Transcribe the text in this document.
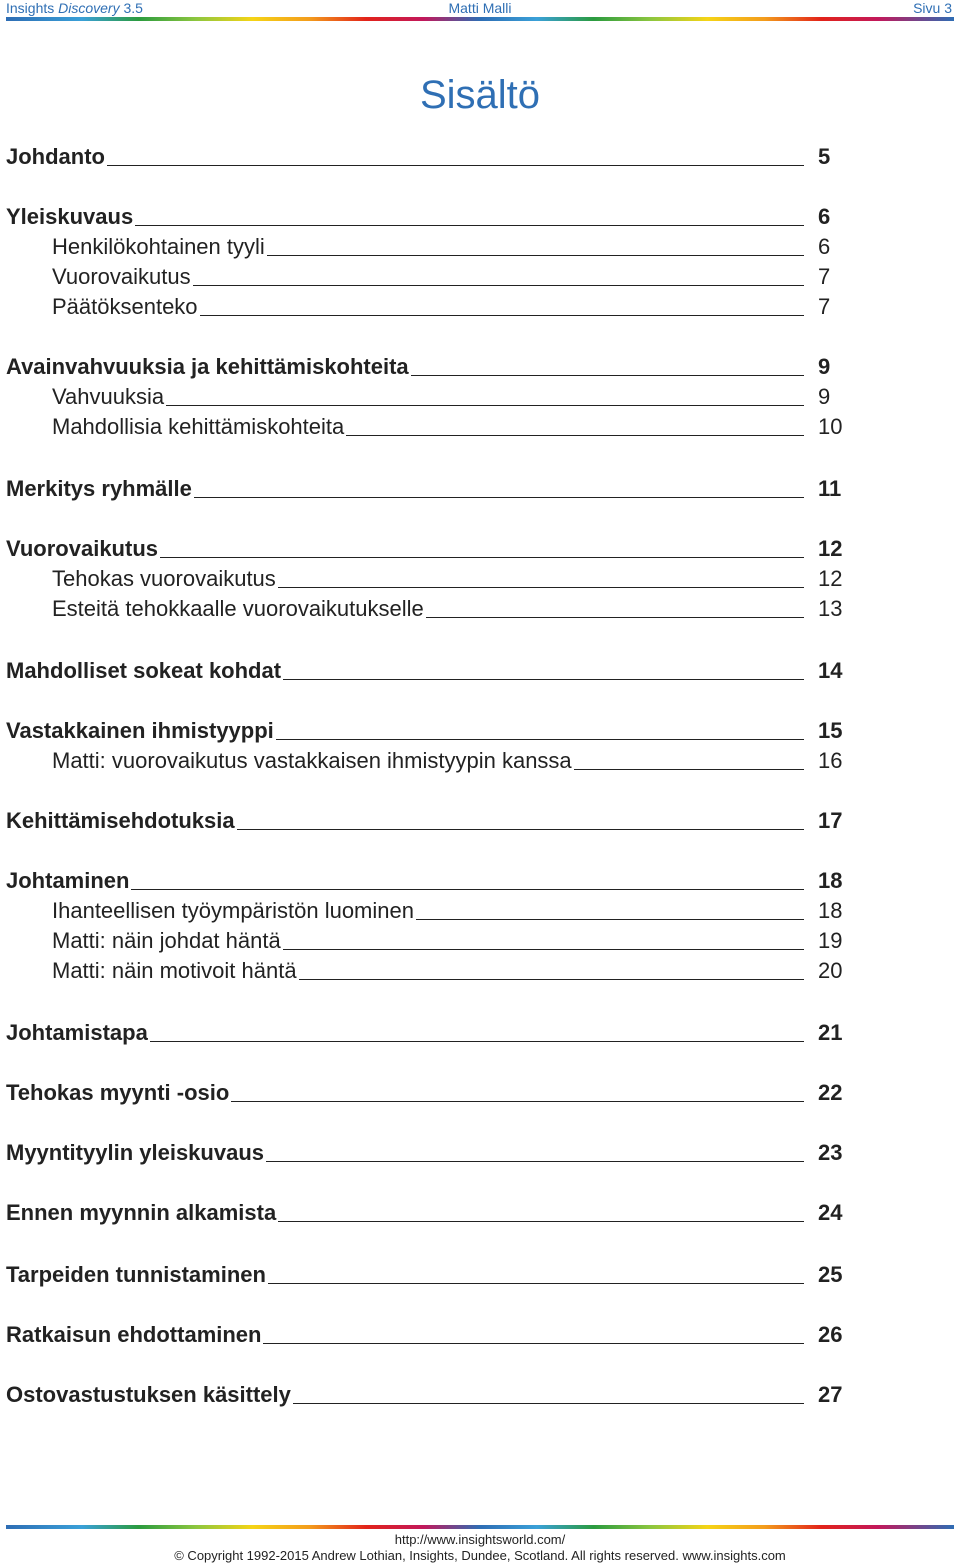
Insights Discovery 3.5	Matti Malli	Sivu 3
Sisältö
Johdanto	5
Yleiskuvaus	6
Henkilökohtainen tyyli	6
Vuorovaikutus	7
Päätöksenteko	7
Avainvahvuuksia ja kehittämiskohteita	9
Vahvuuksia	9
Mahdollisia kehittämiskohteita	10
Merkitys ryhmälle	11
Vuorovaikutus	12
Tehokas vuorovaikutus	12
Esteitä tehokkaalle vuorovaikutukselle	13
Mahdolliset sokeat kohdat	14
Vastakkainen ihmistyyppi	15
Matti: vuorovaikutus vastakkaisen ihmistyypin kanssa	16
Kehittämisehdotuksia	17
Johtaminen	18
Ihanteellisen työympäristön luominen	18
Matti: näin johdat häntä	19
Matti: näin motivoit häntä	20
Johtamistapa	21
Tehokas myynti -osio	22
Myyntityylin yleiskuvaus	23
Ennen myynnin alkamista	24
Tarpeiden tunnistaminen	25
Ratkaisun ehdottaminen	26
Ostovastustuksen käsittely	27
http://www.insightsworld.com/
© Copyright 1992-2015 Andrew Lothian, Insights, Dundee, Scotland. All rights reserved. www.insights.com
